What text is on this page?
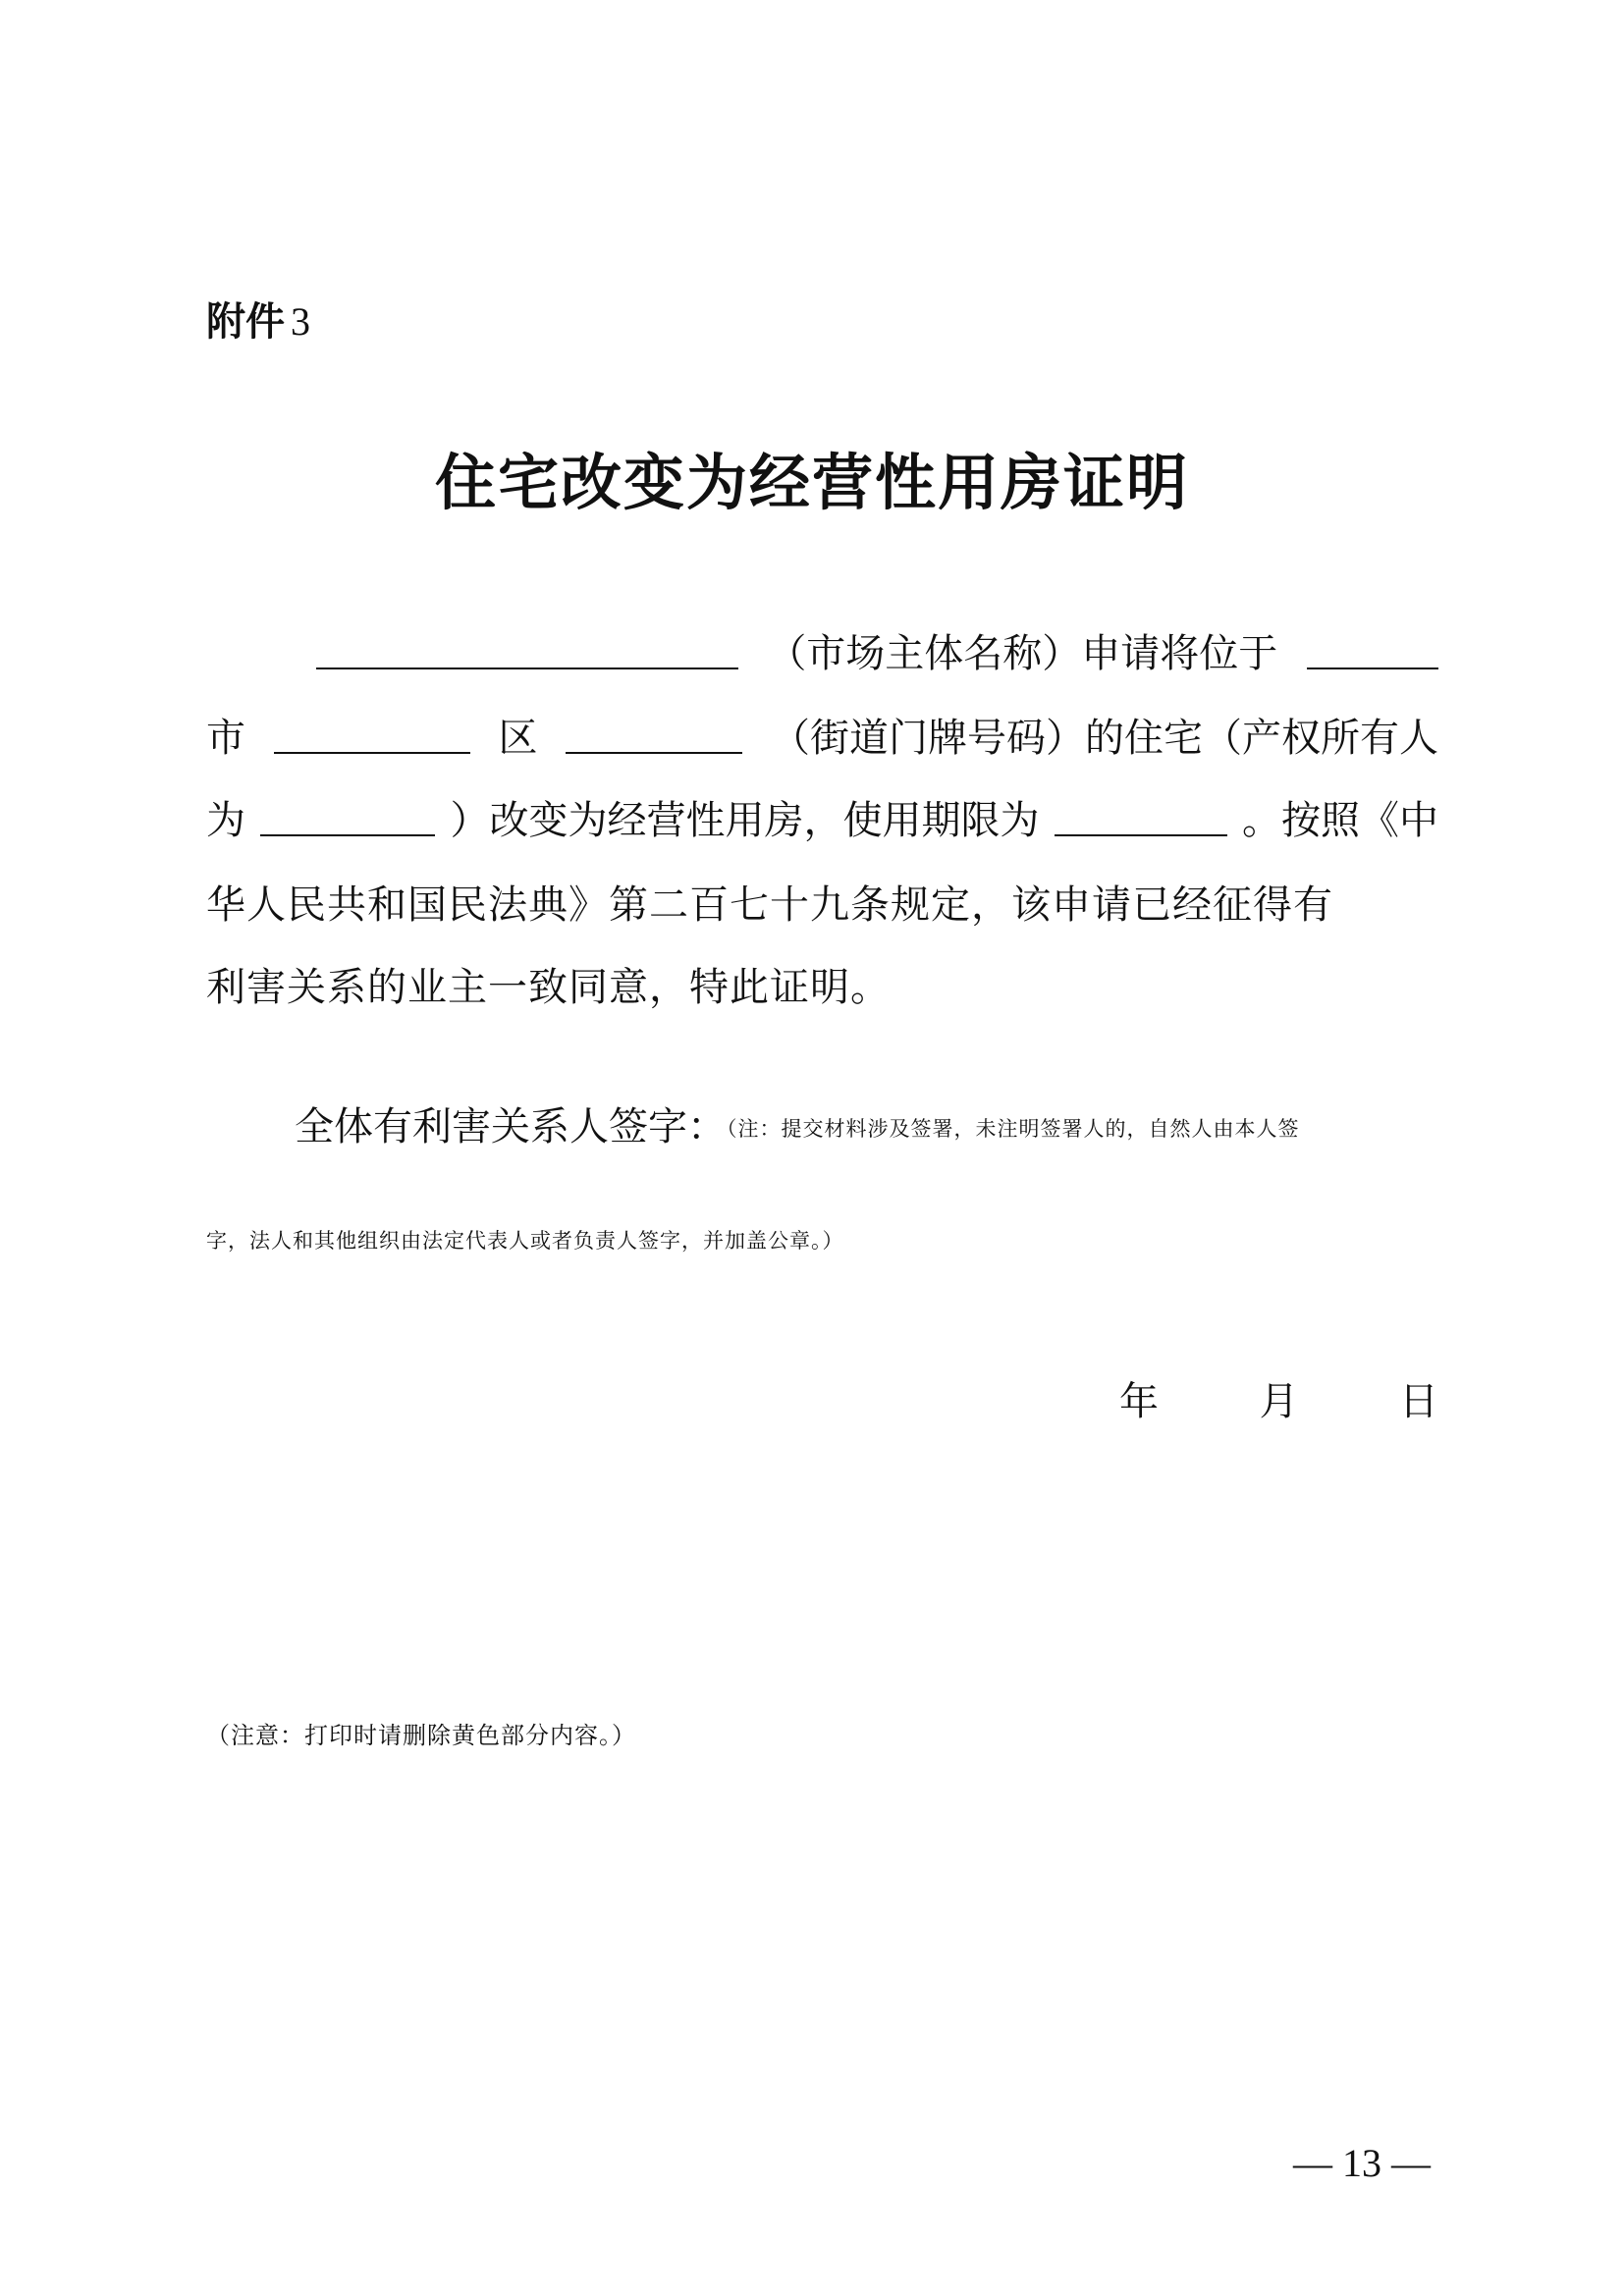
附件 3
住宅改变为经营性用房证明
（市场主体名称）申请将位于
市	区	（街道门牌号码）的住宅（产权所有人
为	）改变为经营性用房，使用期限为	。按照《中
华人民共和国民法典》第二百七十九条规定，该申请已经征得有
利害关系的业主一致同意，特此证明。
全体有利害关系人签字：（注：提交材料涉及签署，未注明签署人的，自然人由本人签
字，法人和其他组织由法定代表人或者负责人签字，并加盖公章。）
年	月	日
（注意：打印时请删除黄色部分内容。）
— 13 —
